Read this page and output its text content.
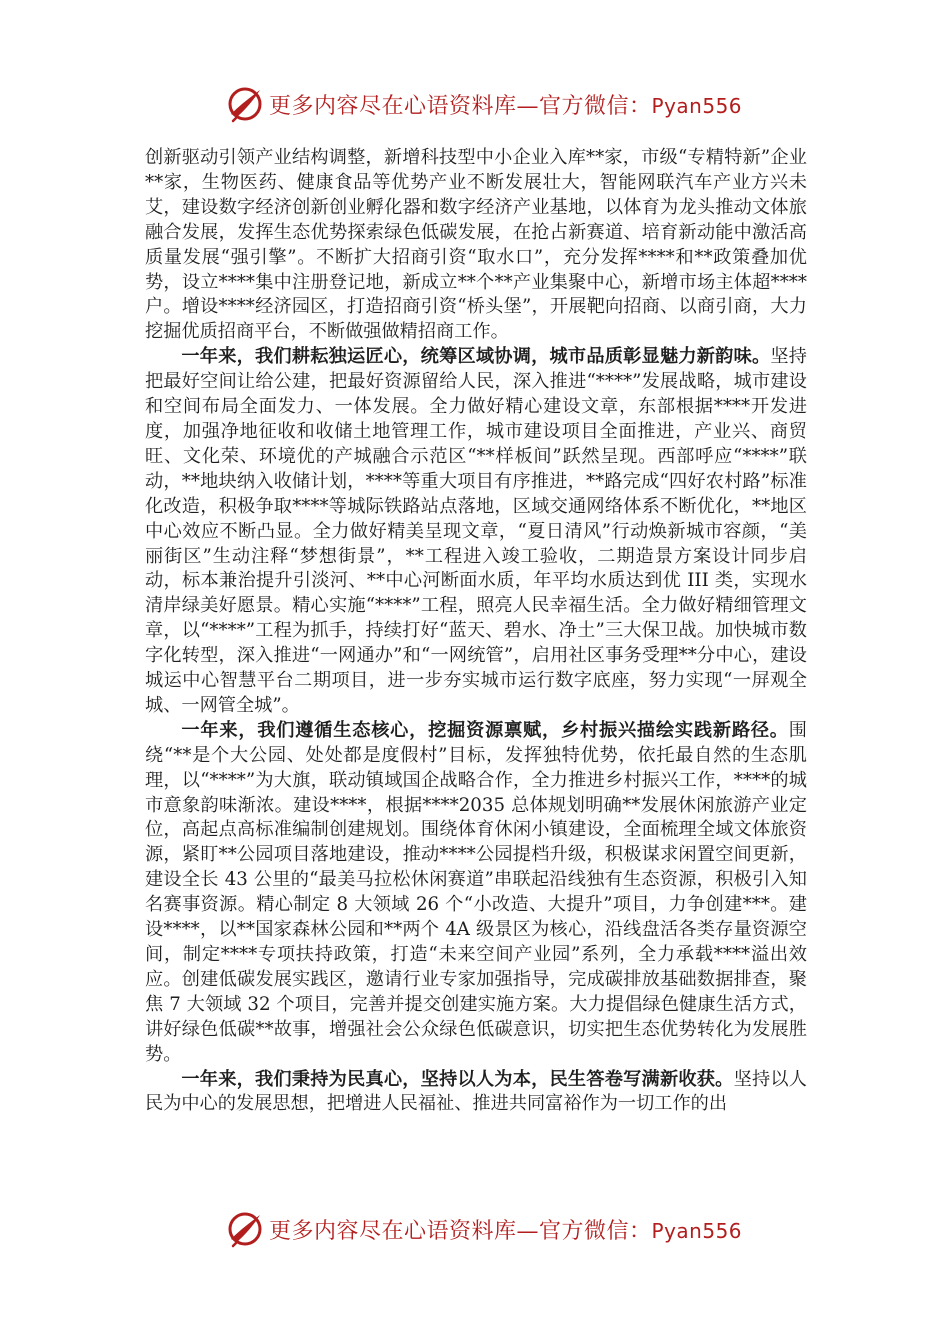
更多内容尽在心语资料库—官方微信：Pyan556

创新驱动引领产业结构调整，新增科技型中小企业入库**家，市级“专精特新”企业**家，生物医药、健康食品等优势产业不断发展壮大，智能网联汽车产业方兴未艾，建设数字经济创新创业孵化器和数字经济产业基地，以体育为龙头推动文体旅融合发展，发挥生态优势探索绿色低碳发展，在抢占新赛道、培育新动能中激活高质量发展“强引擎”。不断扩大招商引资“取水口”，充分发挥****和**政策叠加优势，设立****集中注册登记地，新成立**个**产业集聚中心，新增市场主体超****户。增设****经济园区，打造招商引资“桥头堡”，开展靶向招商、以商引商，大力挖掘优质招商平台，不断做强做精招商工作。

一年来，我们耕耘独运匠心，统筹区域协调，城市品质彰显魅力新韵味。坚持把最好空间让给公建，把最好资源留给人民，深入推进“****”发展战略，城市建设和空间布局全面发力、一体发展。全力做好精心建设文章，东部根据****开发进度，加强净地征收和收储土地管理工作，城市建设项目全面推进，产业兴、商贸旺、文化荣、环境优的产城融合示范区“**样板间”跃然呈现。西部呼应“****”联动，**地块纳入收储计划，****等重大项目有序推进，**路完成“四好农村路”标准化改造，积极争取****等城际铁路站点落地，区域交通网络体系不断优化，**地区中心效应不断凸显。全力做好精美呈现文章，“夏日清风”行动焕新城市容颜，“美丽街区”生动注释“梦想街景”，**工程进入竣工验收，二期造景方案设计同步启动，标本兼治提升引淡河、**中心河断面水质，年平均水质达到优 III 类，实现水清岸绿美好愿景。精心实施“****”工程，照亮人民幸福生活。全力做好精细管理文章，以“****”工程为抓手，持续打好“蓝天、碧水、净土”三大保卫战。加快城市数字化转型，深入推进“一网通办”和“一网统管”，启用社区事务受理**分中心，建设城运中心智慧平台二期项目，进一步夯实城市运行数字底座，努力实现“一屏观全城、一网管全城”。

一年来，我们遵循生态核心，挖掘资源禀赋，乡村振兴描绘实践新路径。围绕“**是个大公园、处处都是度假村”目标，发挥独特优势，依托最自然的生态肌理，以“****”为大旗，联动镇域国企战略合作，全力推进乡村振兴工作，****的城市意象韵味渐浓。建设****，根据****2035 总体规划明确**发展休闲旅游产业定位，高起点高标准编制创建规划。围绕体育休闲小镇建设，全面梳理全域文体旅资源，紧盯**公园项目落地建设，推动****公园提档升级，积极谋求闲置空间更新，建设全长 43 公里的“最美马拉松休闲赛道”串联起沿线独有生态资源，积极引入知名赛事资源。精心制定 8 大领域 26 个“小改造、大提升”项目，力争创建***。建设****，以**国家森林公园和**两个 4A 级景区为核心，沿线盘活各类存量资源空间，制定****专项扶持政策，打造“未来空间产业园”系列，全力承载****溢出效应。创建低碳发展实践区，邀请行业专家加强指导，完成碳排放基础数据排查，聚焦 7 大领域 32 个项目，完善并提交创建实施方案。大力提倡绿色健康生活方式，讲好绿色低碳**故事，增强社会公众绿色低碳意识，切实把生态优势转化为发展胜势。

一年来，我们秉持为民真心，坚持以人为本，民生答卷写满新收获。坚持以人民为中心的发展思想，把增进人民福祉、推进共同富裕作为一切工作的出

更多内容尽在心语资料库—官方微信：Pyan556
